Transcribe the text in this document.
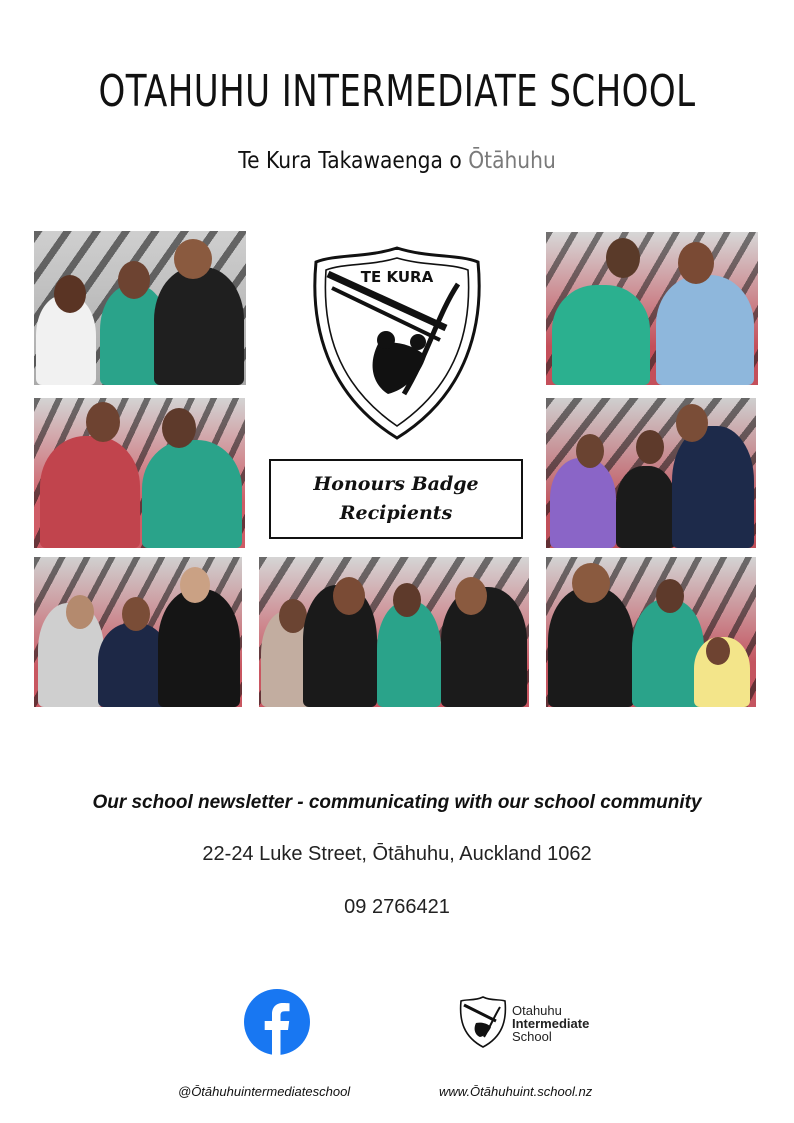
OTAHUHU INTERMEDIATE SCHOOL
Te Kura Takawaenga o Ōtāhuhu
TE KURA
Honours Badge
Recipients
Our school newsletter - communicating with our school community
22-24 Luke Street, Ōtāhuhu, Auckland 1062
09 2766421
Otahuhu
Intermediate
School
@Ōtāhuhuintermediateschool	www.Ōtāhuhuint.school.nz
